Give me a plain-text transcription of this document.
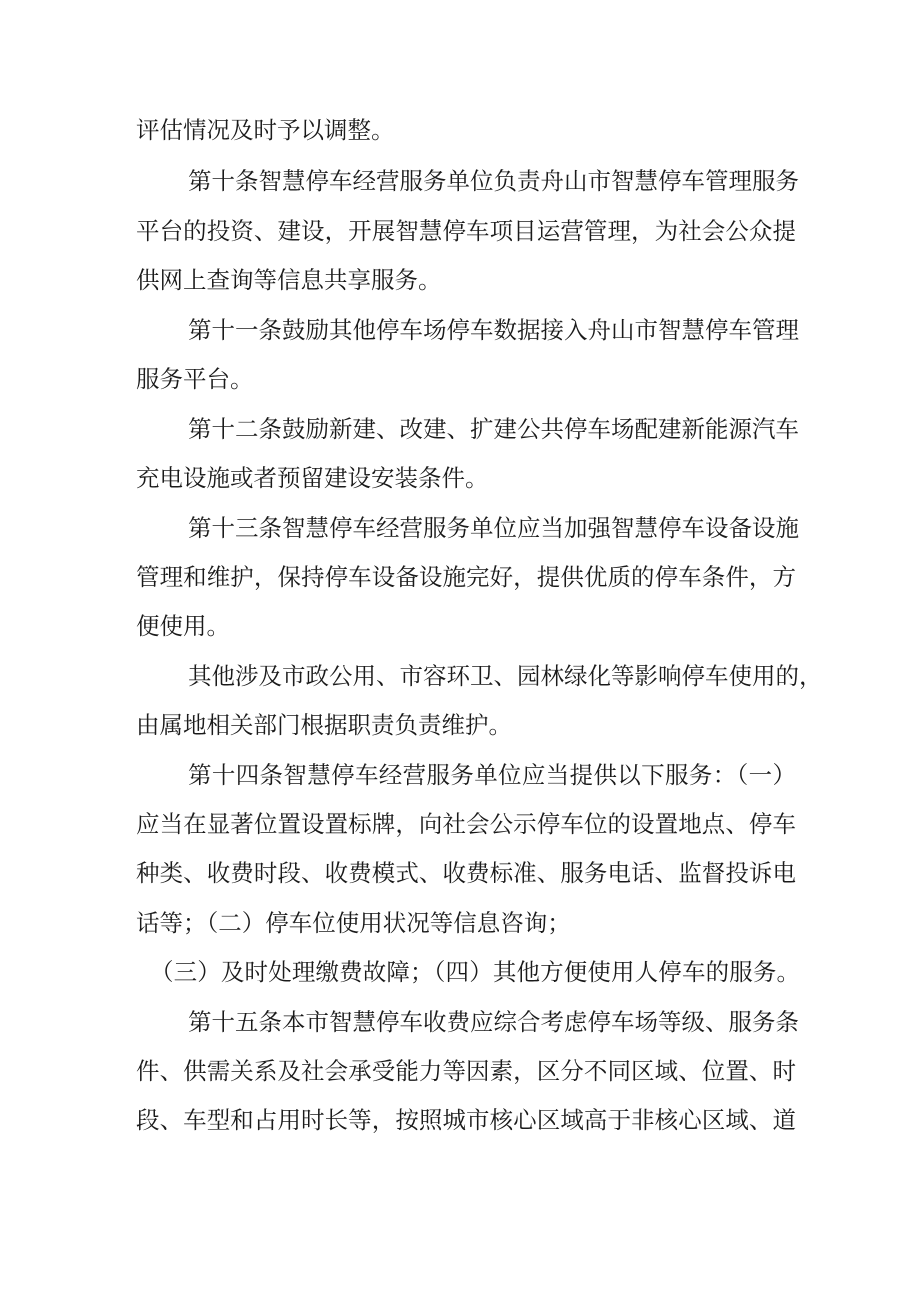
评估情况及时予以调整。
第十条智慧停车经营服务单位负责舟山市智慧停车管理服务
平台的投资、建设，开展智慧停车项目运营管理，为社会公众提
供网上查询等信息共享服务。
第十一条鼓励其他停车场停车数据接入舟山市智慧停车管理
服务平台。
第十二条鼓励新建、改建、扩建公共停车场配建新能源汽车
充电设施或者预留建设安装条件。
第十三条智慧停车经营服务单位应当加强智慧停车设备设施
管理和维护，保持停车设备设施完好，提供优质的停车条件，方
便使用。
其他涉及市政公用、市容环卫、园林绿化等影响停车使用的，
由属地相关部门根据职责负责维护。
第十四条智慧停车经营服务单位应当提供以下服务：（一）
应当在显著位置设置标牌，向社会公示停车位的设置地点、停车
种类、收费时段、收费模式、收费标准、服务电话、监督投诉电
话等；（二）停车位使用状况等信息咨询；
（三）及时处理缴费故障；（四）其他方便使用人停车的服务。
第十五条本市智慧停车收费应综合考虑停车场等级、服务条
件、供需关系及社会承受能力等因素，区分不同区域、位置、时
段、车型和占用时长等，按照城市核心区域高于非核心区域、道
